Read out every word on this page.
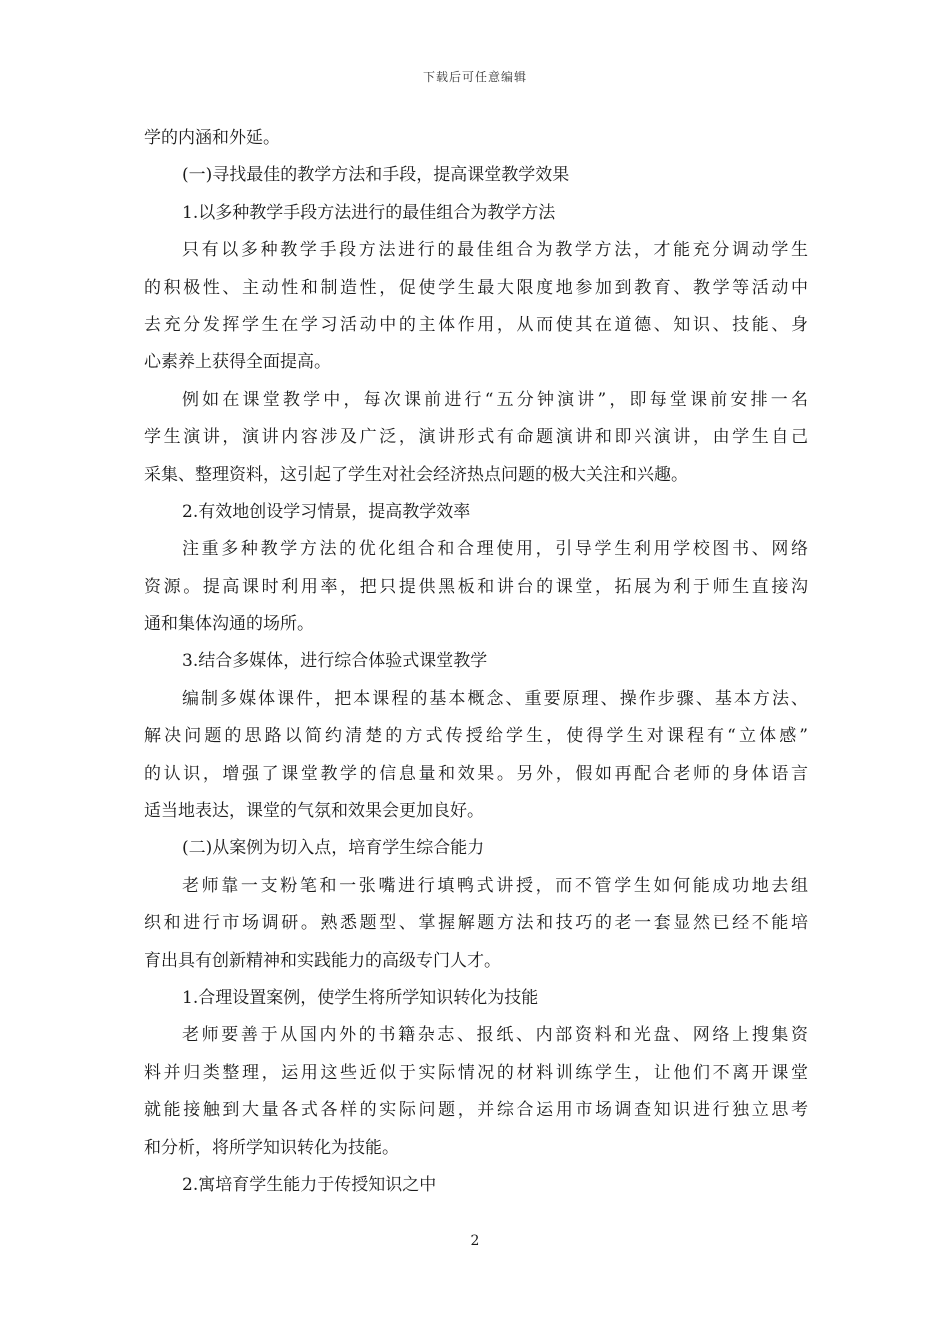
下载后可任意编辑
学的内涵和外延。
(一)寻找最佳的教学方法和手段，提高课堂教学效果
1.以多种教学手段方法进行的最佳组合为教学方法
只有以多种教学手段方法进行的最佳组合为教学方法，才能充分调动学生
的积极性、主动性和制造性，促使学生最大限度地参加到教育、教学等活动中
去充分发挥学生在学习活动中的主体作用，从而使其在道德、知识、技能、身
心素养上获得全面提高。
例如在课堂教学中，每次课前进行“五分钟演讲”，即每堂课前安排一名
学生演讲，演讲内容涉及广泛，演讲形式有命题演讲和即兴演讲，由学生自己
采集、整理资料，这引起了学生对社会经济热点问题的极大关注和兴趣。
2.有效地创设学习情景，提高教学效率
注重多种教学方法的优化组合和合理使用，引导学生利用学校图书、网络
资源。提高课时利用率，把只提供黑板和讲台的课堂，拓展为利于师生直接沟
通和集体沟通的场所。
3.结合多媒体，进行综合体验式课堂教学
编制多媒体课件，把本课程的基本概念、重要原理、操作步骤、基本方法、
解决问题的思路以简约清楚的方式传授给学生，使得学生对课程有“立体感”
的认识，增强了课堂教学的信息量和效果。另外，假如再配合老师的身体语言
适当地表达，课堂的气氛和效果会更加良好。
(二)从案例为切入点，培育学生综合能力
老师靠一支粉笔和一张嘴进行填鸭式讲授，而不管学生如何能成功地去组
织和进行市场调研。熟悉题型、掌握解题方法和技巧的老一套显然已经不能培
育出具有创新精神和实践能力的高级专门人才。
1.合理设置案例，使学生将所学知识转化为技能
老师要善于从国内外的书籍杂志、报纸、内部资料和光盘、网络上搜集资
料并归类整理，运用这些近似于实际情况的材料训练学生，让他们不离开课堂
就能接触到大量各式各样的实际问题，并综合运用市场调查知识进行独立思考
和分析，将所学知识转化为技能。
2.寓培育学生能力于传授知识之中
2
